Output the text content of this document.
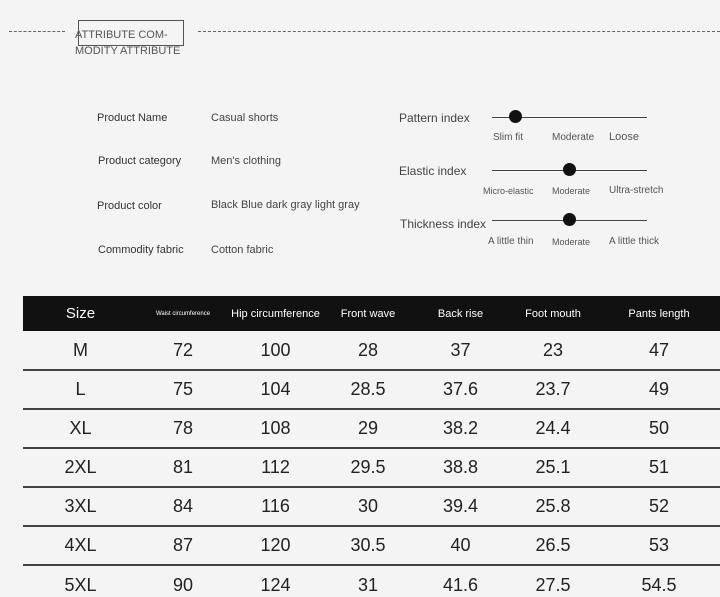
ATTRIBUTE COM- MODITY ATTRIBUTE
Product Name	Casual shorts
Product category	Men's clothing
Product color	Black Blue dark gray light gray
Commodity fabric Cotton fabric
Pattern index
Slim fit	Moderate Loose
Elastic index
Micro-elastic Moderate Ultra-stretch
Thickness index
A little thin Moderate A little thick
Size	Waist circumference	Hip circumference	Front wave	Back rise	Foot mouth	Pants length
M	72	100	28	37	23	47
L	75	104	28.5	37.6	23.7	49
XL	78	108	29	38.2	24.4	50
2XL	81	112	29.5	38.8	25.1	51
3XL	84	116	30	39.4	25.8	52
4XL	87	120	30.5	40	26.5	53
5XL	90	124	31	41.6	27.5	54.5
